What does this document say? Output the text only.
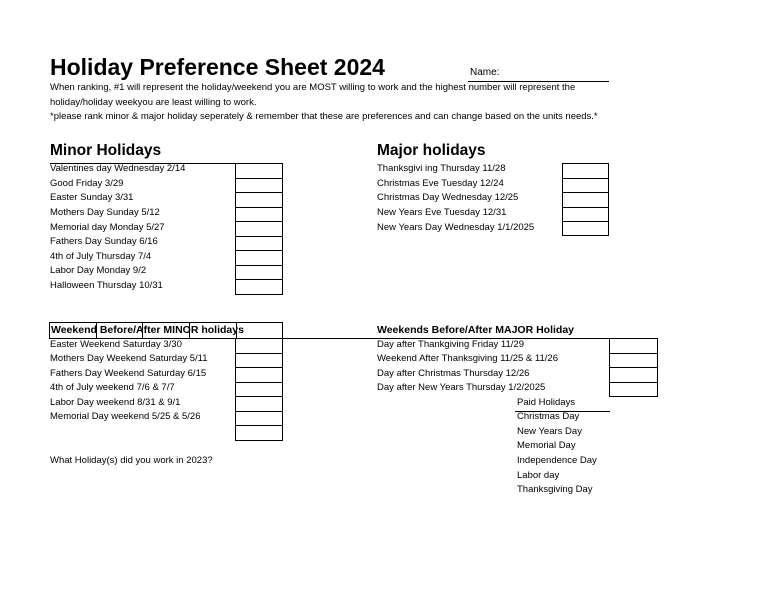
Holiday Preference Sheet 2024	Name:
When ranking, #1 will represent the holiday/weekend you are MOST willing to work and the highest number will represent the
holiday/holiday weekyou are least willing to work.
*please rank minor & major holiday seperately & remember that these are preferences and can change based on the units needs.*
Minor Holidays
Valentines day Wednesday 2/14
Good Friday 3/29
Easter Sunday 3/31
Mothers Day Sunday 5/12
Memorial day Monday 5/27
Fathers Day Sunday 6/16
4th of July Thursday 7/4
Labor Day Monday 9/2
Halloween Thursday 10/31
Major holidays
Thanksgivi ing Thursday 11/28
Christmas Eve Tuesday 12/24
Christmas Day Wednesday 12/25
New Years Eve Tuesday 12/31
New Years Day Wednesday 1/1/2025
Weekend Before/After MINOR holidays
Easter Weekend Saturday 3/30
Mothers Day Weekend Saturday 5/11
Fathers Day Weekend Saturday 6/15
4th of July weekend 7/6 & 7/7
Labor Day weekend 8/31 & 9/1
Memorial Day weekend 5/25 & 5/26
Weekends Before/After MAJOR Holiday
Day after Thankgiving Friday 11/29
Weekend After Thanksgiving 11/25 & 11/26
Day after Christmas Thursday 12/26
Day after New Years Thursday 1/2/2025
Paid Holidays
Christmas Day
New Years Day
Memorial Day
Independence Day
Labor day
Thanksgiving Day
What Holiday(s) did you work in 2023?
